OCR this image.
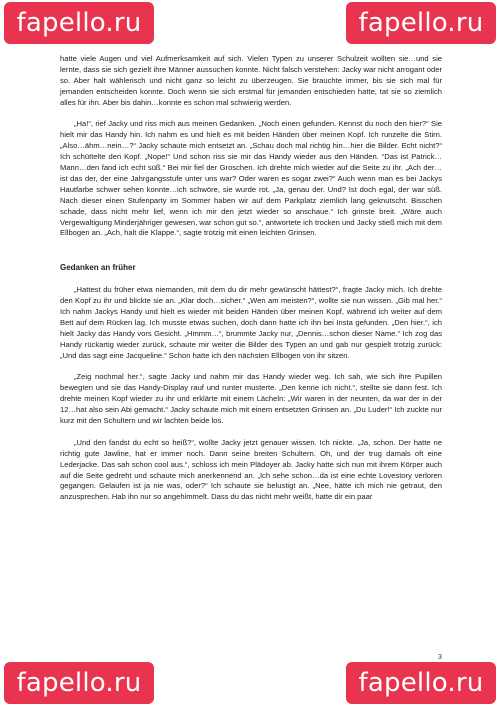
fapello.ru	fapello.ru

hatte viele Augen und viel Aufmerksamkeit auf sich. Vielen Typen zu unserer Schulzeit wollten sie…und sie lernte, dass sie sich gezielt ihre Männer aussuchen konnte. Nicht falsch verstehen: Jacky war nicht arrogant oder so. Aber halt wählerisch und nicht ganz so leicht zu überzeugen. Sie brauchte immer, bis sie sich mal für jemanden entscheiden konnte. Doch wenn sie sich erstmal für jemanden entschieden hatte, tat sie so ziemlich alles für ihn. Aber bis dahin…konnte es schon mal schwierig werden.

„Ha!“, rief Jacky und riss mich aus meinen Gedanken. „Noch einen gefunden. Kennst du noch den hier?“ Sie hielt mir das Handy hin. Ich nahm es und hielt es mit beiden Händen über meinen Kopf. Ich runzelte die Stirn. „Also…ähm…nein…?“ Jacky schaute mich entsetzt an. „Schau doch mal richtig hin…hier die Bilder. Echt nicht?“ Ich schüttelte den Kopf. „Nope!“ Und schon riss sie mir das Handy wieder aus den Händen. “Das ist Patrick…Mann…den fand ich echt süß.“ Bei mir fiel der Groschen. Ich drehte mich wieder auf die Seite zu ihr. „Ach der…ist das der, der eine Jahrgangsstufe unter uns war? Oder waren es sogar zwei?“ Auch wenn man es bei Jackys Hautfarbe schwer sehen konnte…ich schwöre, sie wurde rot. „Ja, genau der. Und? Ist doch egal, der war süß. Nach dieser einen Stufenparty im Sommer haben wir auf dem Parkplatz ziemlich lang geknutscht. Bisschen schade, dass nicht mehr lief, wenn ich mir den jetzt wieder so anschaue.“ Ich grinste breit. „Wäre auch Vergewaltigung Minderjähriger gewesen, war schon gut so.“, antwortete ich trocken und Jacky stieß mich mit dem Ellbogen an. „Ach, halt die Klappe.“, sagte trotzig mit einen leichten Grinsen.

Gedanken an früher

„Hattest du früher etwa niemanden, mit dem du dir mehr gewünscht hättest?“, fragte Jacky mich. Ich drehte den Kopf zu ihr und blickte sie an. „Klar doch…sicher.“ „Wen am meisten?“, wollte sie nun wissen. „Gib mal her.“ Ich nahm Jackys Handy und hielt es wieder mit beiden Händen über meinen Kopf, während ich weiter auf dem Bett auf dem Rücken lag. Ich musste etwas suchen, doch dann hatte ich ihn bei Insta gefunden. „Den hier.“, ich hielt Jacky das Handy vors Gesicht. „Hmmm…“, brummte Jacky nur, „Dennis…schon dieser Name.“ Ich zog das Handy rückartig wieder zurück, schaute mir weiter die Bilder des Typen an und gab nur gespielt trotzig zurück: „Und das sagt eine Jacqueline.“ Schon hatte ich den nächsten Ellbogen von ihr sitzen.

„Zeig nochmal her.“, sagte Jacky und nahm mir das Handy wieder weg. Ich sah, wie sich ihre Pupillen bewegten und sie das Handy-Display rauf und runter musterte. „Den kenne ich nicht.“, stellte sie dann fest. Ich drehte meinen Kopf wieder zu ihr und erklärte mit einem Lächeln: „Wir waren in der neunten, da war der in der 12…hat also sein Abi gemacht.“ Jacky schaute mich mit einem entsetzten Grinsen an. „Du Luder!“ Ich zuckte nur kurz mit den Schultern und wir lachten beide los.

„Und den fandst du echt so heiß?“, wollte Jacky jetzt genauer wissen. Ich nickte. „Ja, schon. Der hatte ne richtig gute Jawline, hat er immer noch. Dann seine breiten Schultern. Oh, und der trug damals oft eine Lederjacke. Das sah schon cool aus.“, schloss ich mein Plädoyer ab. Jacky hatte sich nun mit ihrem Körper auch auf die Seite gedreht und schaute mich anerkennend an. „Ich sehe schon…da ist eine echte Lovestory verloren gegangen. Gelaufen ist ja nie was, oder?“ Ich schaute sie belustigt an. „Nee, hätte ich mich nie getraut, den anzusprechen. Hab ihn nur so angehimmelt. Dass du das nicht mehr weißt, hatte dir ein paar

3
fapello.ru	fapello.ru
